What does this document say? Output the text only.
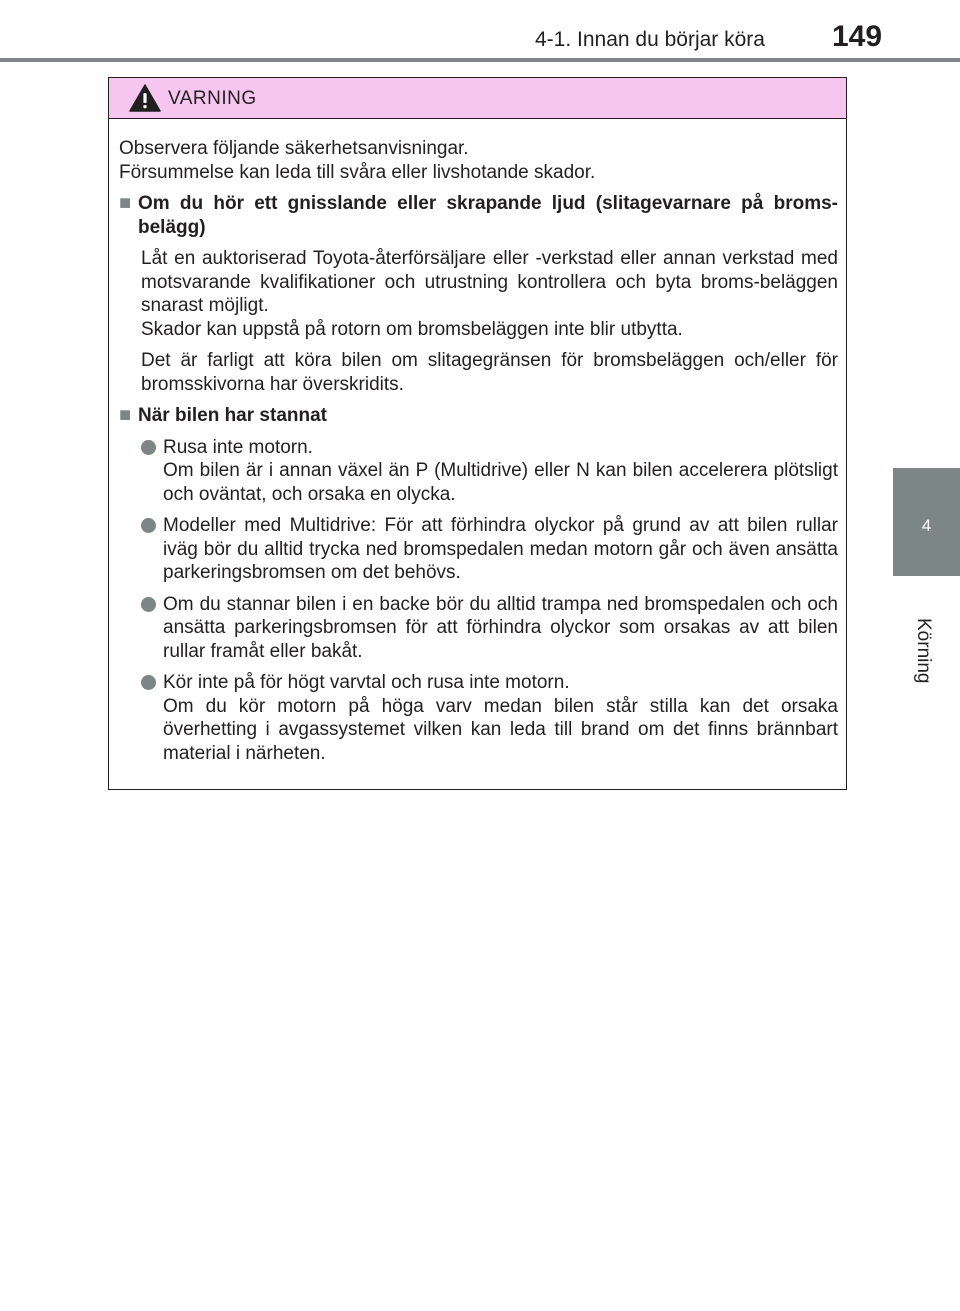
4-1. Innan du börjar köra 149
4
Körning
VARNING

Observera följande säkerhetsanvisningar.

Försummelse kan leda till svåra eller livshotande skador.

■ Om du hör ett gnisslande eller skrapande ljud (slitagevarnare på broms-belägg)

Låt en auktoriserad Toyota-återförsäljare eller -verkstad eller annan verkstad med motsvarande kvalifikationer och utrustning kontrollera och byta broms-beläggen snarast möjligt.

Skador kan uppstå på rotorn om bromsbeläggen inte blir utbytta.

Det är farligt att köra bilen om slitagegränsen för bromsbeläggen och/eller för bromsskivorna har överskridits.

■ När bilen har stannat
Rusa inte motorn.
Om bilen är i annan växel än P (Multidrive) eller N kan bilen accelerera plötsligt och oväntat, och orsaka en olycka.
Modeller med Multidrive: För att förhindra olyckor på grund av att bilen rullar iväg bör du alltid trycka ned bromspedalen medan motorn går och även ansätta parkeringsbromsen om det behövs.
Om du stannar bilen i en backe bör du alltid trampa ned bromspedalen och och ansätta parkeringsbromsen för att förhindra olyckor som orsakas av att bilen rullar framåt eller bakåt.
Kör inte på för högt varvtal och rusa inte motorn.
Om du kör motorn på höga varv medan bilen står stilla kan det orsaka överhetting i avgassystemet vilken kan leda till brand om det finns brännbart material i närheten.
